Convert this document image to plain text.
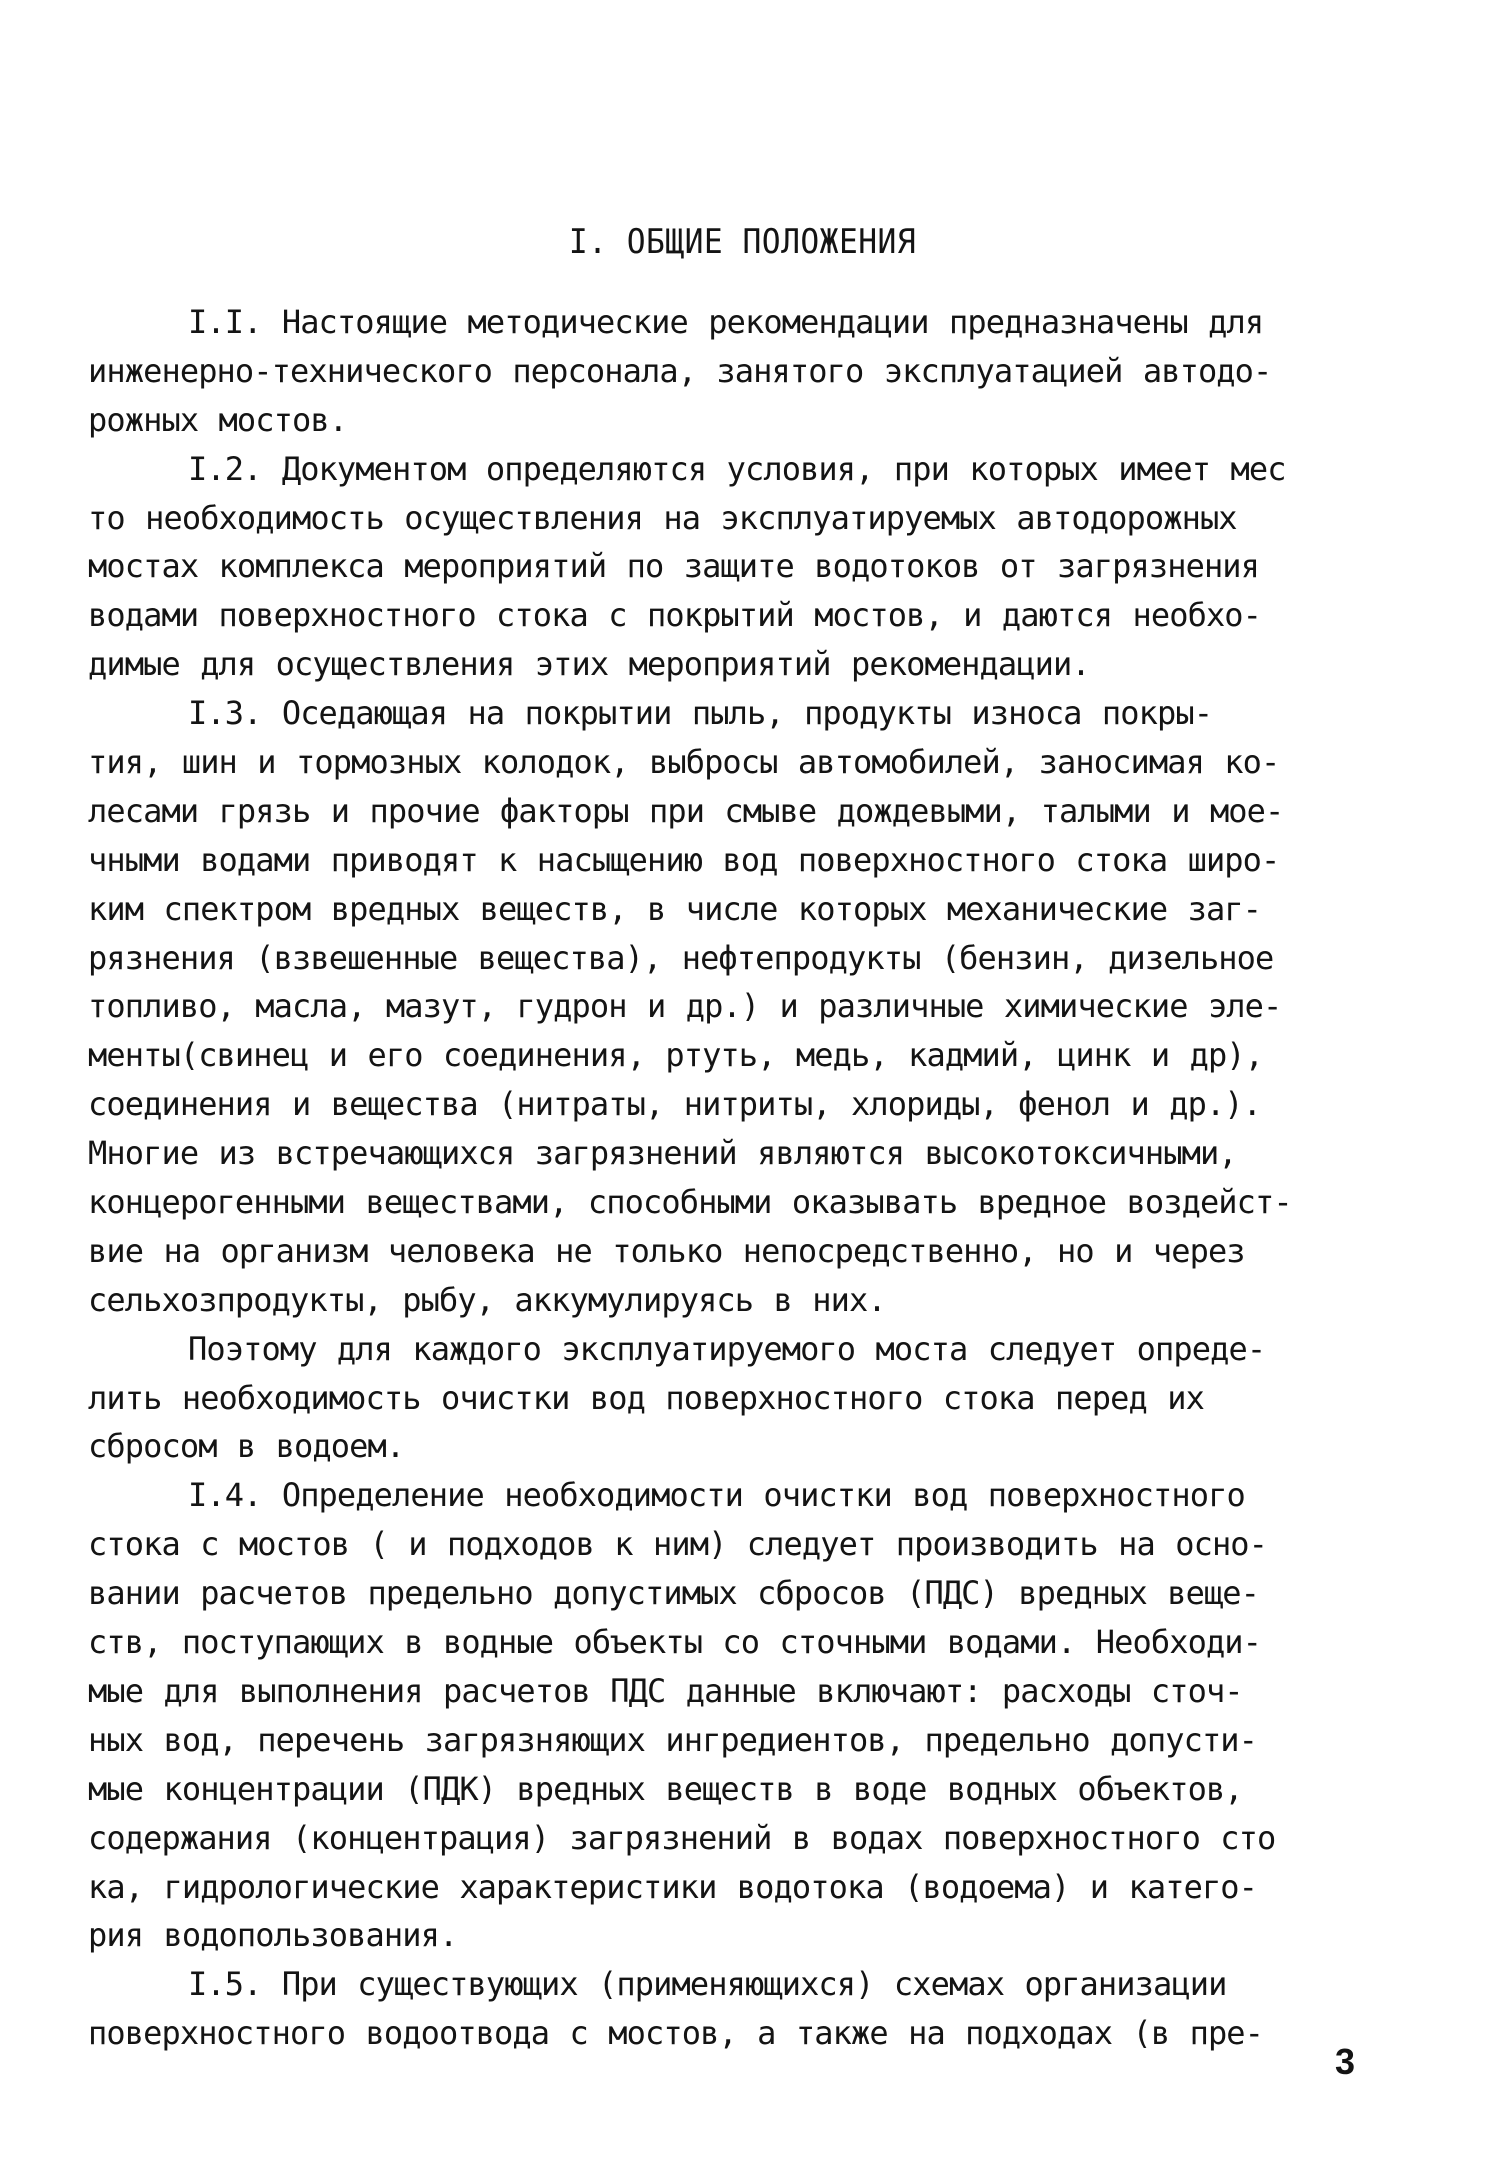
I. ОБЩИЕ ПОЛОЖЕНИЯ
I.I. Настоящие методические рекомендации предназначены для
инженерно-технического персонала, занятого эксплуатацией автодо-
рожных мостов.
I.2. Документом определяются условия, при которых имеет мес
то необходимость осуществления на эксплуатируемых автодорожных
мостах комплекса мероприятий по защите водотоков от загрязнения
водами поверхностного стока с покрытий мостов, и даются необхо-
димые для осуществления этих мероприятий рекомендации.
I.3. Оседающая на покрытии пыль, продукты износа покры-
тия, шин и тормозных колодок, выбросы автомобилей, заносимая ко-
лесами грязь и прочие факторы при смыве дождевыми, талыми и мое-
чными водами приводят к насыщению вод поверхностного стока широ-
ким спектром вредных веществ, в числе которых механические заг-
рязнения (взвешенные вещества), нефтепродукты (бензин, дизельное
топливо, масла, мазут, гудрон и др.) и различные химические эле-
менты(свинец и его соединения, ртуть, медь, кадмий, цинк и др),
соединения и вещества (нитраты, нитриты, хлориды, фенол и др.).
Многие из встречающихся загрязнений являются высокотоксичными,
концерогенными веществами, способными оказывать вредное воздейст-
вие на организм человека не только непосредственно, но и через
сельхозпродукты, рыбу, аккумулируясь в них.
Поэтому для каждого эксплуатируемого моста следует опреде-
лить необходимость очистки вод поверхностного стока перед их
сбросом в водоем.
I.4. Определение необходимости очистки вод поверхностного
стока с мостов ( и подходов к ним) следует производить на осно-
вании расчетов предельно допустимых сбросов (ПДС) вредных веще-
ств, поступающих в водные объекты со сточными водами. Необходи-
мые для выполнения расчетов ПДС данные включают: расходы сточ-
ных вод, перечень загрязняющих ингредиентов, предельно допусти-
мые концентрации (ПДК) вредных веществ в воде водных объектов,
содержания (концентрация) загрязнений в водах поверхностного сто
ка, гидрологические характеристики водотока (водоема) и катего-
рия водопользования.
I.5. При существующих (применяющихся) схемах организации
поверхностного водоотвода с мостов, а также на подходах (в пре-
3
